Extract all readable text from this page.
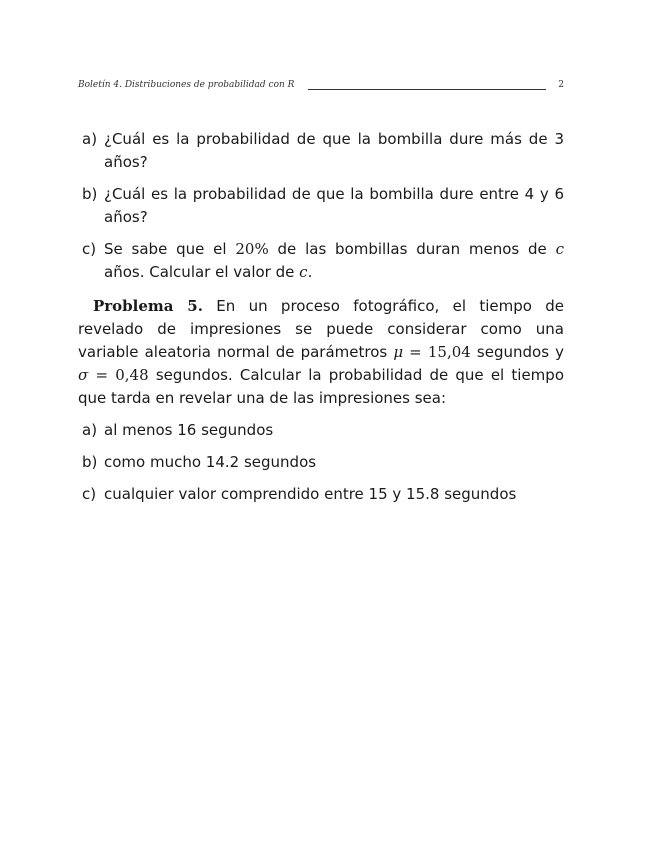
Boletín 4. Distribuciones de probabilidad con R	2
a) ¿Cuál es la probabilidad de que la bombilla dure más de 3 años?
b) ¿Cuál es la probabilidad de que la bombilla dure entre 4 y 6 años?
c) Se sabe que el 20% de las bombillas duran menos de c años. Calcular el valor de c.

Problema 5. En un proceso fotográfico, el tiempo de revelado de impresiones se puede considerar como una variable aleatoria normal de parámetros μ = 15,04 segundos y σ = 0,48 segundos. Calcular la probabilidad de que el tiempo que tarda en revelar una de las impresiones sea:

a) al menos 16 segundos
b) como mucho 14.2 segundos
c) cualquier valor comprendido entre 15 y 15.8 segundos
